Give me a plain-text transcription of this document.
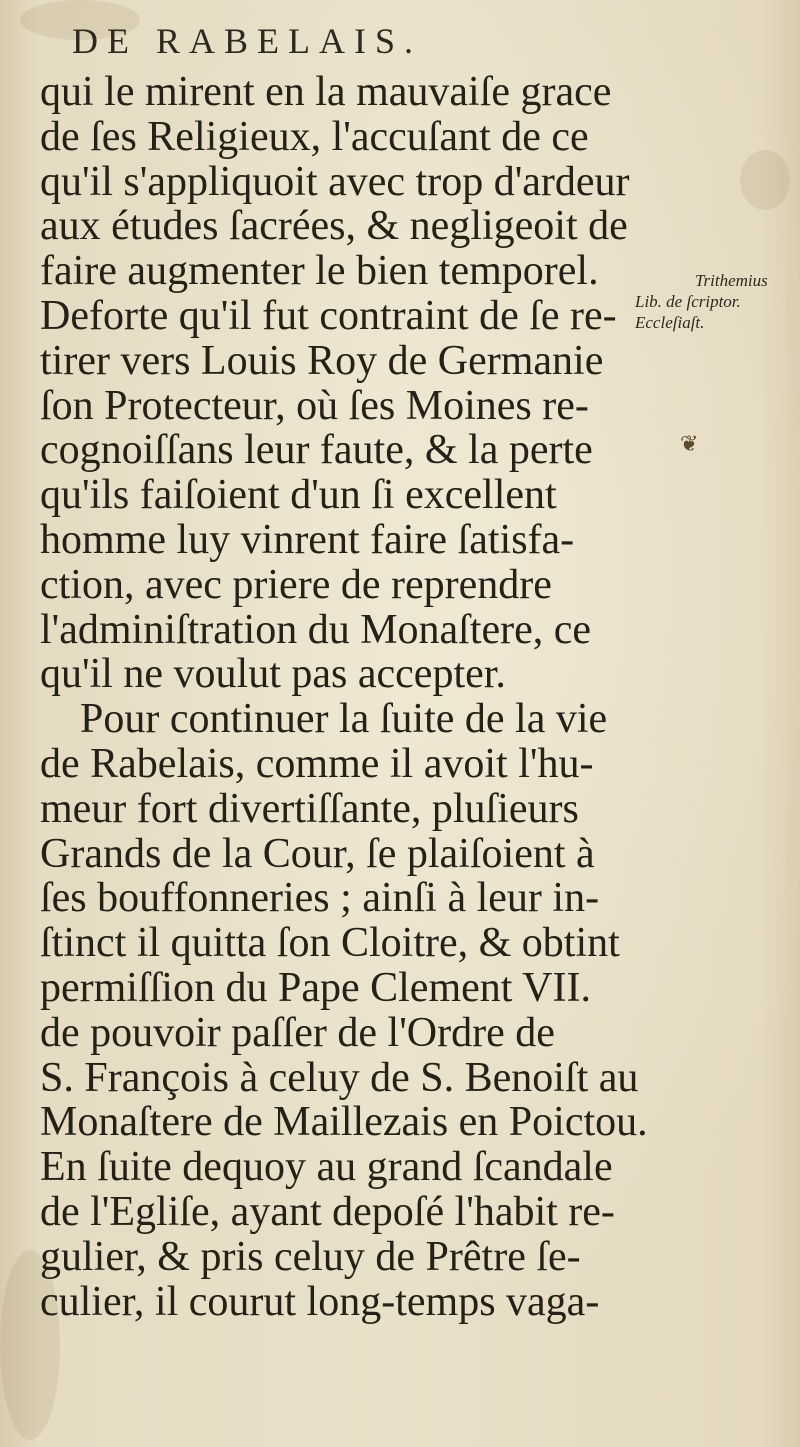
DE RABELAIS.
qui le mirent en la mauvaiſe grace
de ſes Religieux, l'accuſant de ce
qu'il s'appliquoit avec trop d'ardeur
aux études ſacrées, & negligeoit de
faire augmenter le bien temporel.
Deforte qu'il fut contraint de ſe re-
tirer vers Louis Roy de Germanie
ſon Protecteur, où ſes Moines re-
cognoiſſans leur faute, & la perte
qu'ils faiſoient d'un ſi excellent
homme luy vinrent faire ſatisfa-
ction, avec priere de reprendre
l'adminiſtration du Monaſtere, ce
qu'il ne voulut pas accepter.
Pour continuer la ſuite de la vie
de Rabelais, comme il avoit l'hu-
meur fort divertiſſante, pluſieurs
Grands de la Cour, ſe plaiſoient à
ſes bouffonneries ; ainſi à leur in-
ſtinct il quitta ſon Cloitre, & obtint
permiſſion du Pape Clement VII.
de pouvoir paſſer de l'Ordre de
S. François à celuy de S. Benoiſt au
Monaſtere de Maillezais en Poictou.
En ſuite dequoy au grand ſcandale
de l'Egliſe, ayant depoſé l'habit re-
gulier, & pris celuy de Prêtre ſe-
culier, il courut long-temps vaga-
Trithemius
Lib. de ſcriptor.
Eccleſiaſt.
❦
